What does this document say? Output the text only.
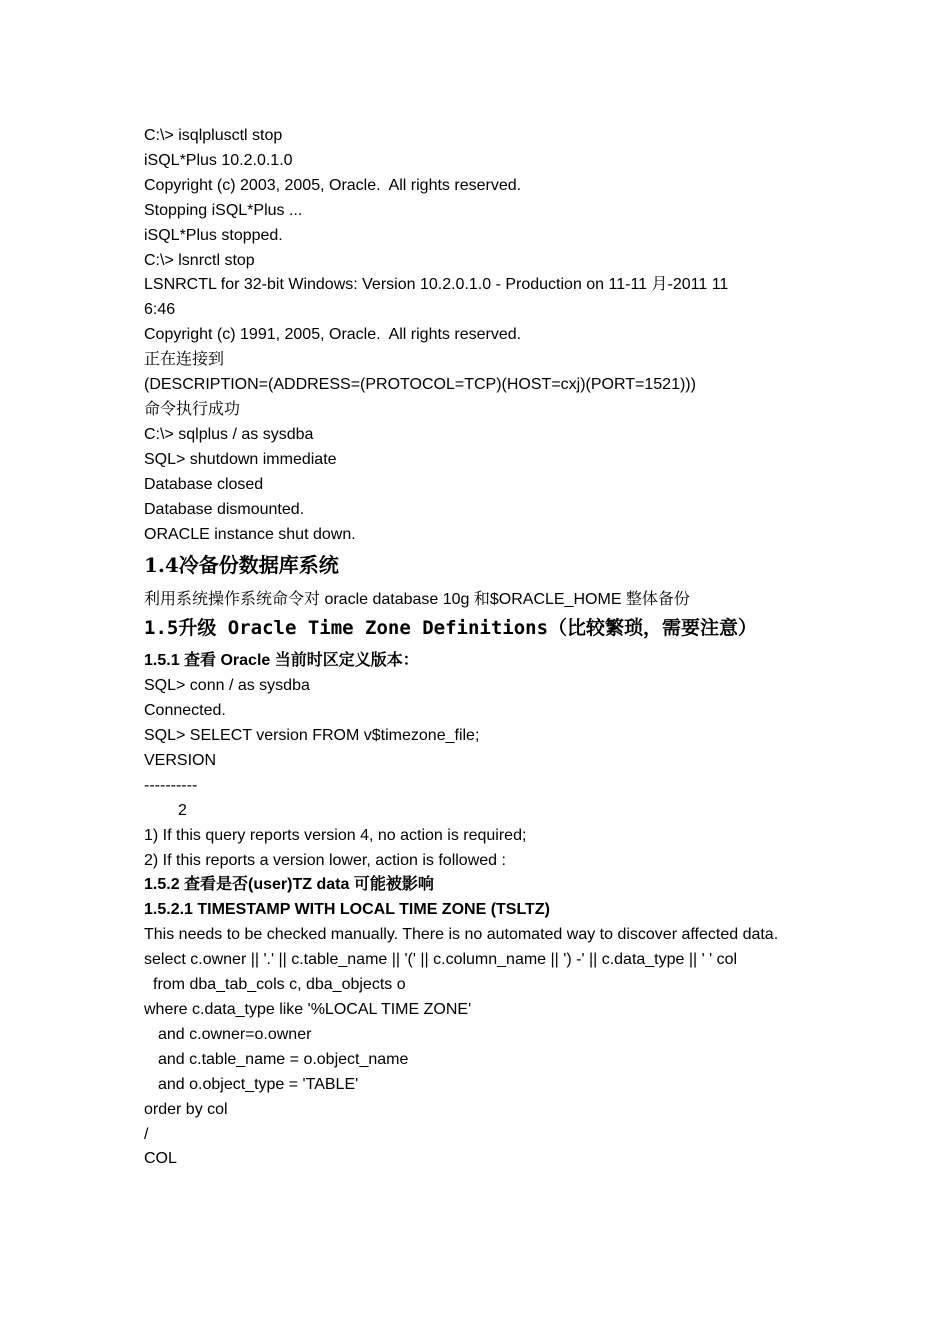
C:\> isqlplusctl stop

iSQL*Plus 10.2.0.1.0

Copyright (c) 2003, 2005, Oracle.  All rights reserved.

Stopping iSQL*Plus ...

iSQL*Plus stopped.

C:\> lsnrctl stop

LSNRCTL for 32-bit Windows: Version 10.2.0.1.0 - Production on 11-11 月-2011 11

6:46

Copyright (c) 1991, 2005, Oracle.  All rights reserved.

正在连接到

(DESCRIPTION=(ADDRESS=(PROTOCOL=TCP)(HOST=cxj)(PORT=1521)))

命令执行成功

C:\> sqlplus / as sysdba

SQL> shutdown immediate

Database closed

Database dismounted.

ORACLE instance shut down.

1.4冷备份数据库系统

利用系统操作系统命令对 oracle database 10g 和$ORACLE_HOME 整体备份

1.5升级 Oracle Time Zone Definitions（比较繁琐，需要注意）

1.5.1 查看 Oracle 当前时区定义版本：

SQL> conn / as sysdba

Connected.

SQL> SELECT version FROM v$timezone_file;

VERSION

----------

2

1) If this query reports version 4, no action is required;

2) If this reports a version lower, action is followed :

1.5.2 查看是否(user)TZ data 可能被影响

1.5.2.1 TIMESTAMP WITH LOCAL TIME ZONE (TSLTZ)

This needs to be checked manually. There is no automated way to discover affected data.

select c.owner || '.' || c.table_name || '(' || c.column_name || ') -' || c.data_type || ' ' col

from dba_tab_cols c, dba_objects o

where c.data_type like '%LOCAL TIME ZONE'

and c.owner=o.owner

and c.table_name = o.object_name

and o.object_type = 'TABLE'

order by col

/

COL
